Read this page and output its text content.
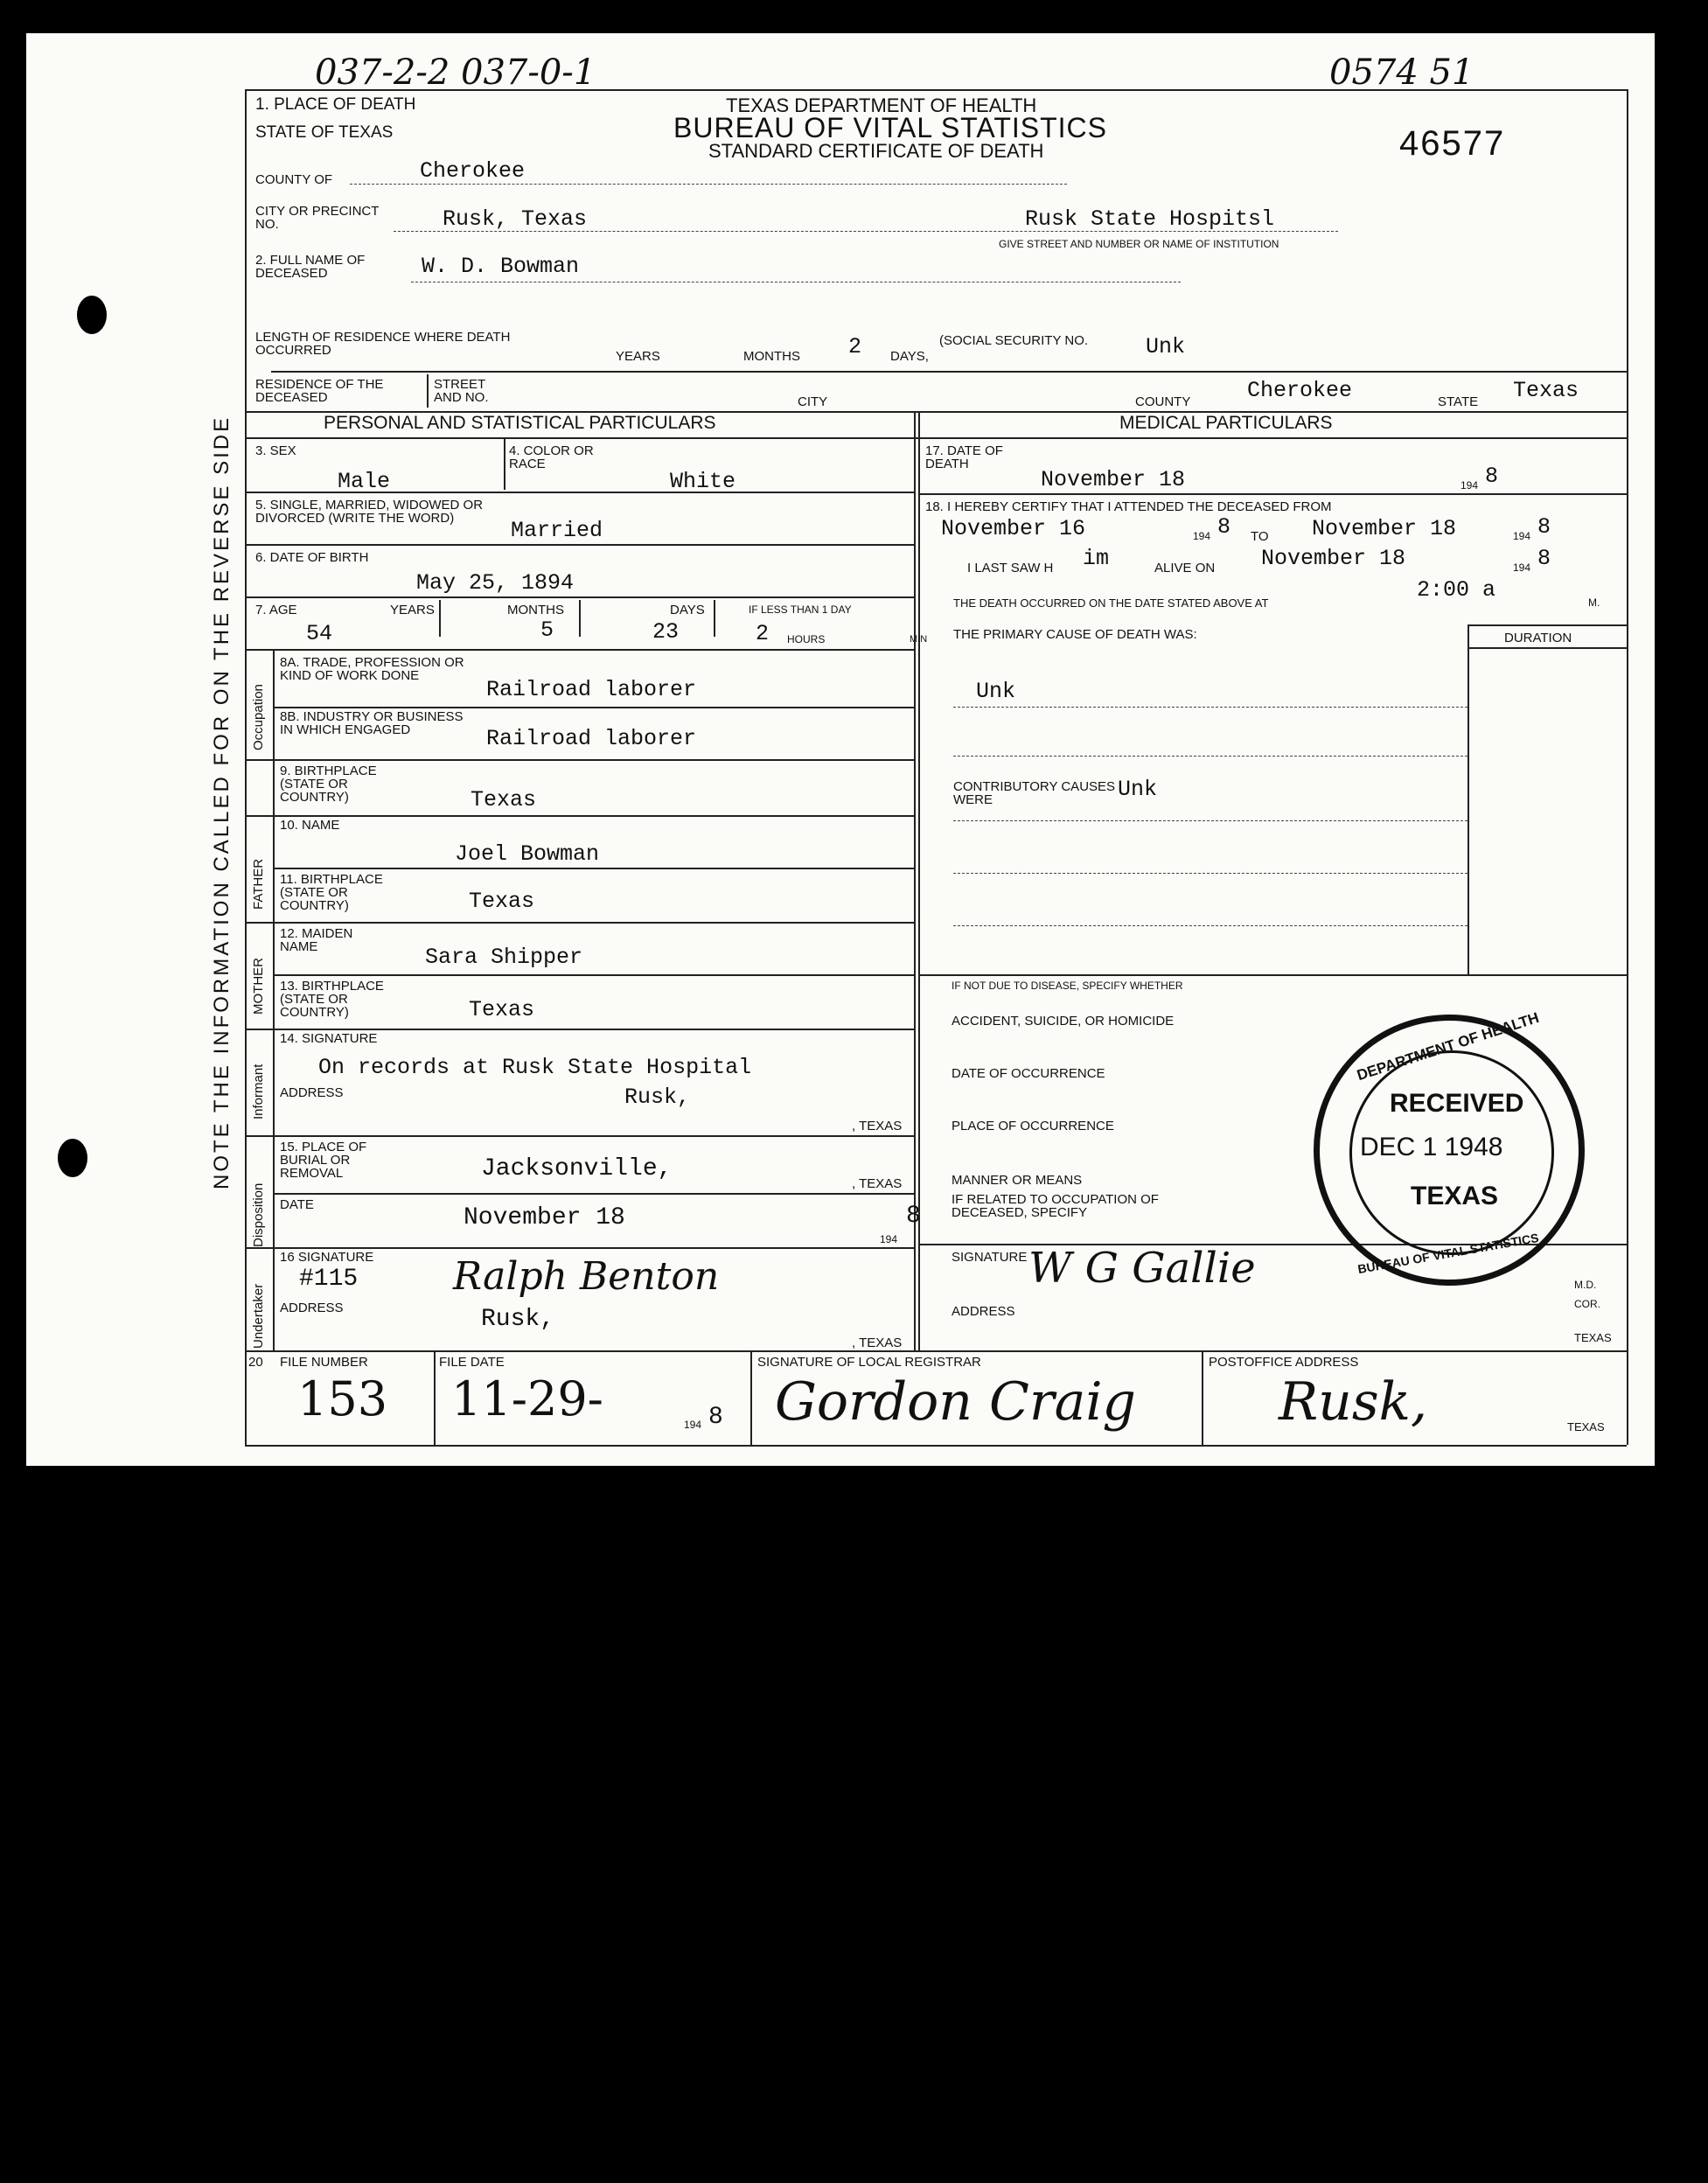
NOTE THE INFORMATION CALLED FOR ON THE REVERSE SIDE
037-2-2 037-0-1	0574 51
46577
TEXAS DEPARTMENT OF HEALTH
BUREAU OF VITAL STATISTICS
STANDARD CERTIFICATE OF DEATH
1. PLACE OF DEATH
STATE OF TEXAS
COUNTY OF	Cherokee
CITY OR PRECINCT NO.	Rusk, Texas	Rusk State Hospitsl
GIVE STREET AND NUMBER OR NAME OF INSTITUTION
2. FULL NAME OF DECEASED	W. D. Bowman
LENGTH OF RESIDENCE WHERE DEATH OCCURRED	YEARS	MONTHS 2 DAYS,
(SOCIAL SECURITY NO.	Unk
RESIDENCE OF THE DECEASED
STREET AND NO.	CITY	COUNTY	Cherokee	STATE Texas
PERSONAL AND STATISTICAL PARTICULARS	MEDICAL PARTICULARS
3. SEX
Male
4. COLOR OR RACE
White
5. SINGLE, MARRIED, WIDOWED OR DIVORCED (WRITE THE WORD)	Married
6. DATE OF BIRTH
May 25, 1894
7. AGE	YEARS	MONTHS	DAYS	IF LESS THAN 1 DAY
54	5	23	2 HOURS	MIN
Occupation
FATHER
MOTHER
Informant
Disposition
Undertaker
8A. TRADE, PROFESSION OR KIND OF WORK DONE
Railroad laborer
8B. INDUSTRY OR BUSINESS IN WHICH ENGAGED	Railroad laborer
9. BIRTHPLACE (STATE OR COUNTRY)	Texas
10. NAME
Joel Bowman
11. BIRTHPLACE (STATE OR COUNTRY)	Texas
12. MAIDEN NAME	Sara Shipper
13. BIRTHPLACE (STATE OR COUNTRY)	Texas
14. SIGNATURE
On records at Rusk State Hospital
ADDRESS	Rusk,
, TEXAS
15. PLACE OF BURIAL OR REMOVAL	Jacksonville,
, TEXAS
DATE	November 18
194
8
16 SIGNATURE
#115 Ralph Benton
ADDRESS	Rusk,
, TEXAS
17. DATE OF DEATH
November 18	194 8
18. I HEREBY CERTIFY THAT I ATTENDED THE DECEASED FROM
November 16	194 8 TO November 18	194 8
I LAST SAW H im	ALIVE ON November 18	194 8
THE DEATH OCCURRED ON THE DATE STATED ABOVE AT
2:00 a	M.
THE PRIMARY CAUSE OF DEATH WAS:	DURATION
Unk
CONTRIBUTORY CAUSES WERE	Unk
IF NOT DUE TO DISEASE, SPECIFY WHETHER
ACCIDENT, SUICIDE, OR HOMICIDE
DATE OF OCCURRENCE
PLACE OF OCCURRENCE
MANNER OR MEANS
IF RELATED TO OCCUPATION OF DECEASED, SPECIFY
SIGNATURE W G Gallie
ADDRESS
M.D.
COR.
TEXAS
20 FILE NUMBER
153
FILE DATE
11-29-	194 8
SIGNATURE OF LOCAL REGISTRAR
Gordon Craig
POSTOFFICE ADDRESS
Rusk,	TEXAS
DEPARTMENT OF HEALTH
RECEIVED
DEC 1 1948
TEXAS
BUREAU OF VITAL STATISTICS
